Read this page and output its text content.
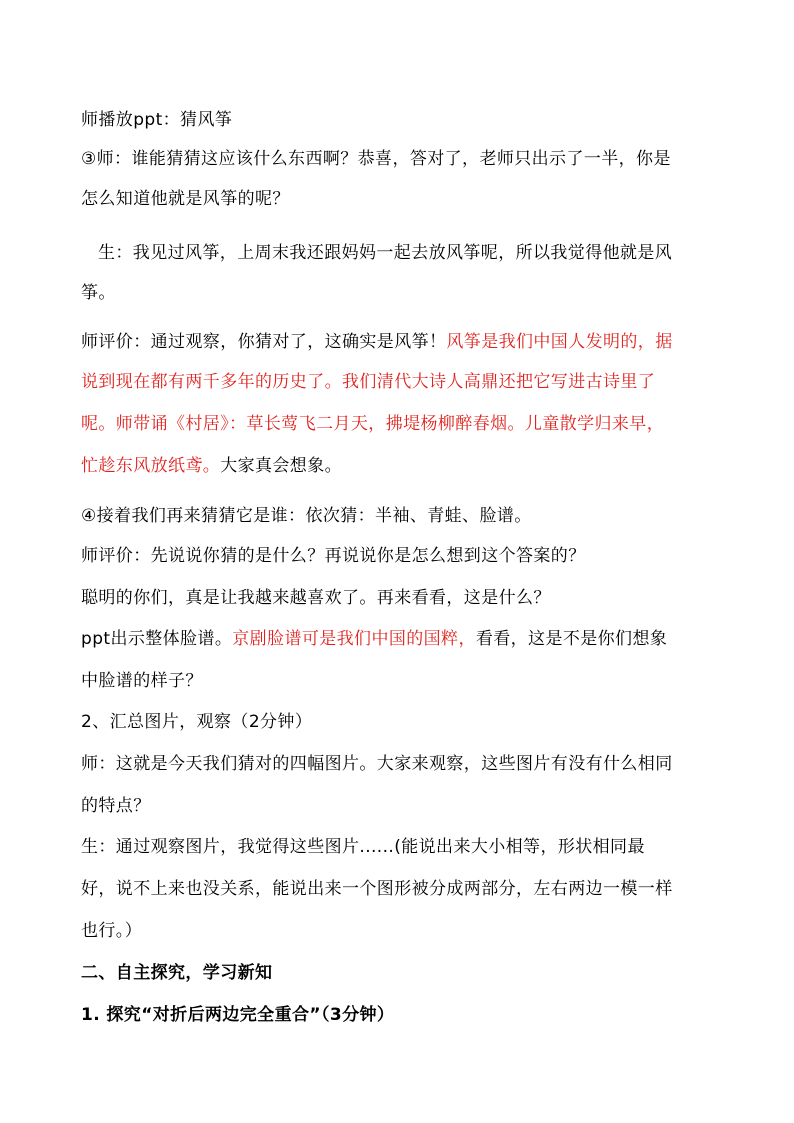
师播放ppt：猜风筝
③师：谁能猜猜这应该什么东西啊？恭喜，答对了，老师只出示了一半，你是
怎么知道他就是风筝的呢？
生：我见过风筝，上周末我还跟妈妈一起去放风筝呢，所以我觉得他就是风
筝。
师评价：通过观察，你猜对了，这确实是风筝！风筝是我们中国人发明的，据
说到现在都有两千多年的历史了。我们清代大诗人高鼎还把它写进古诗里了
呢。师带诵《村居》：草长莺飞二月天，拂堤杨柳醉春烟。儿童散学归来早，
忙趁东风放纸鸢。大家真会想象。
④接着我们再来猜猜它是谁：依次猜：半袖、青蛙、脸谱。
师评价：先说说你猜的是什么？再说说你是怎么想到这个答案的？
聪明的你们，真是让我越来越喜欢了。再来看看，这是什么？
ppt出示整体脸谱。京剧脸谱可是我们中国的国粹，看看，这是不是你们想象
中脸谱的样子？
2、汇总图片，观察（2分钟）
师：这就是今天我们猜对的四幅图片。大家来观察，这些图片有没有什么相同
的特点？
生：通过观察图片，我觉得这些图片......(能说出来大小相等，形状相同最
好，说不上来也没关系，能说出来一个图形被分成两部分，左右两边一模一样
也行。）
二、自主探究，学习新知
1. 探究“对折后两边完全重合”（3分钟）
